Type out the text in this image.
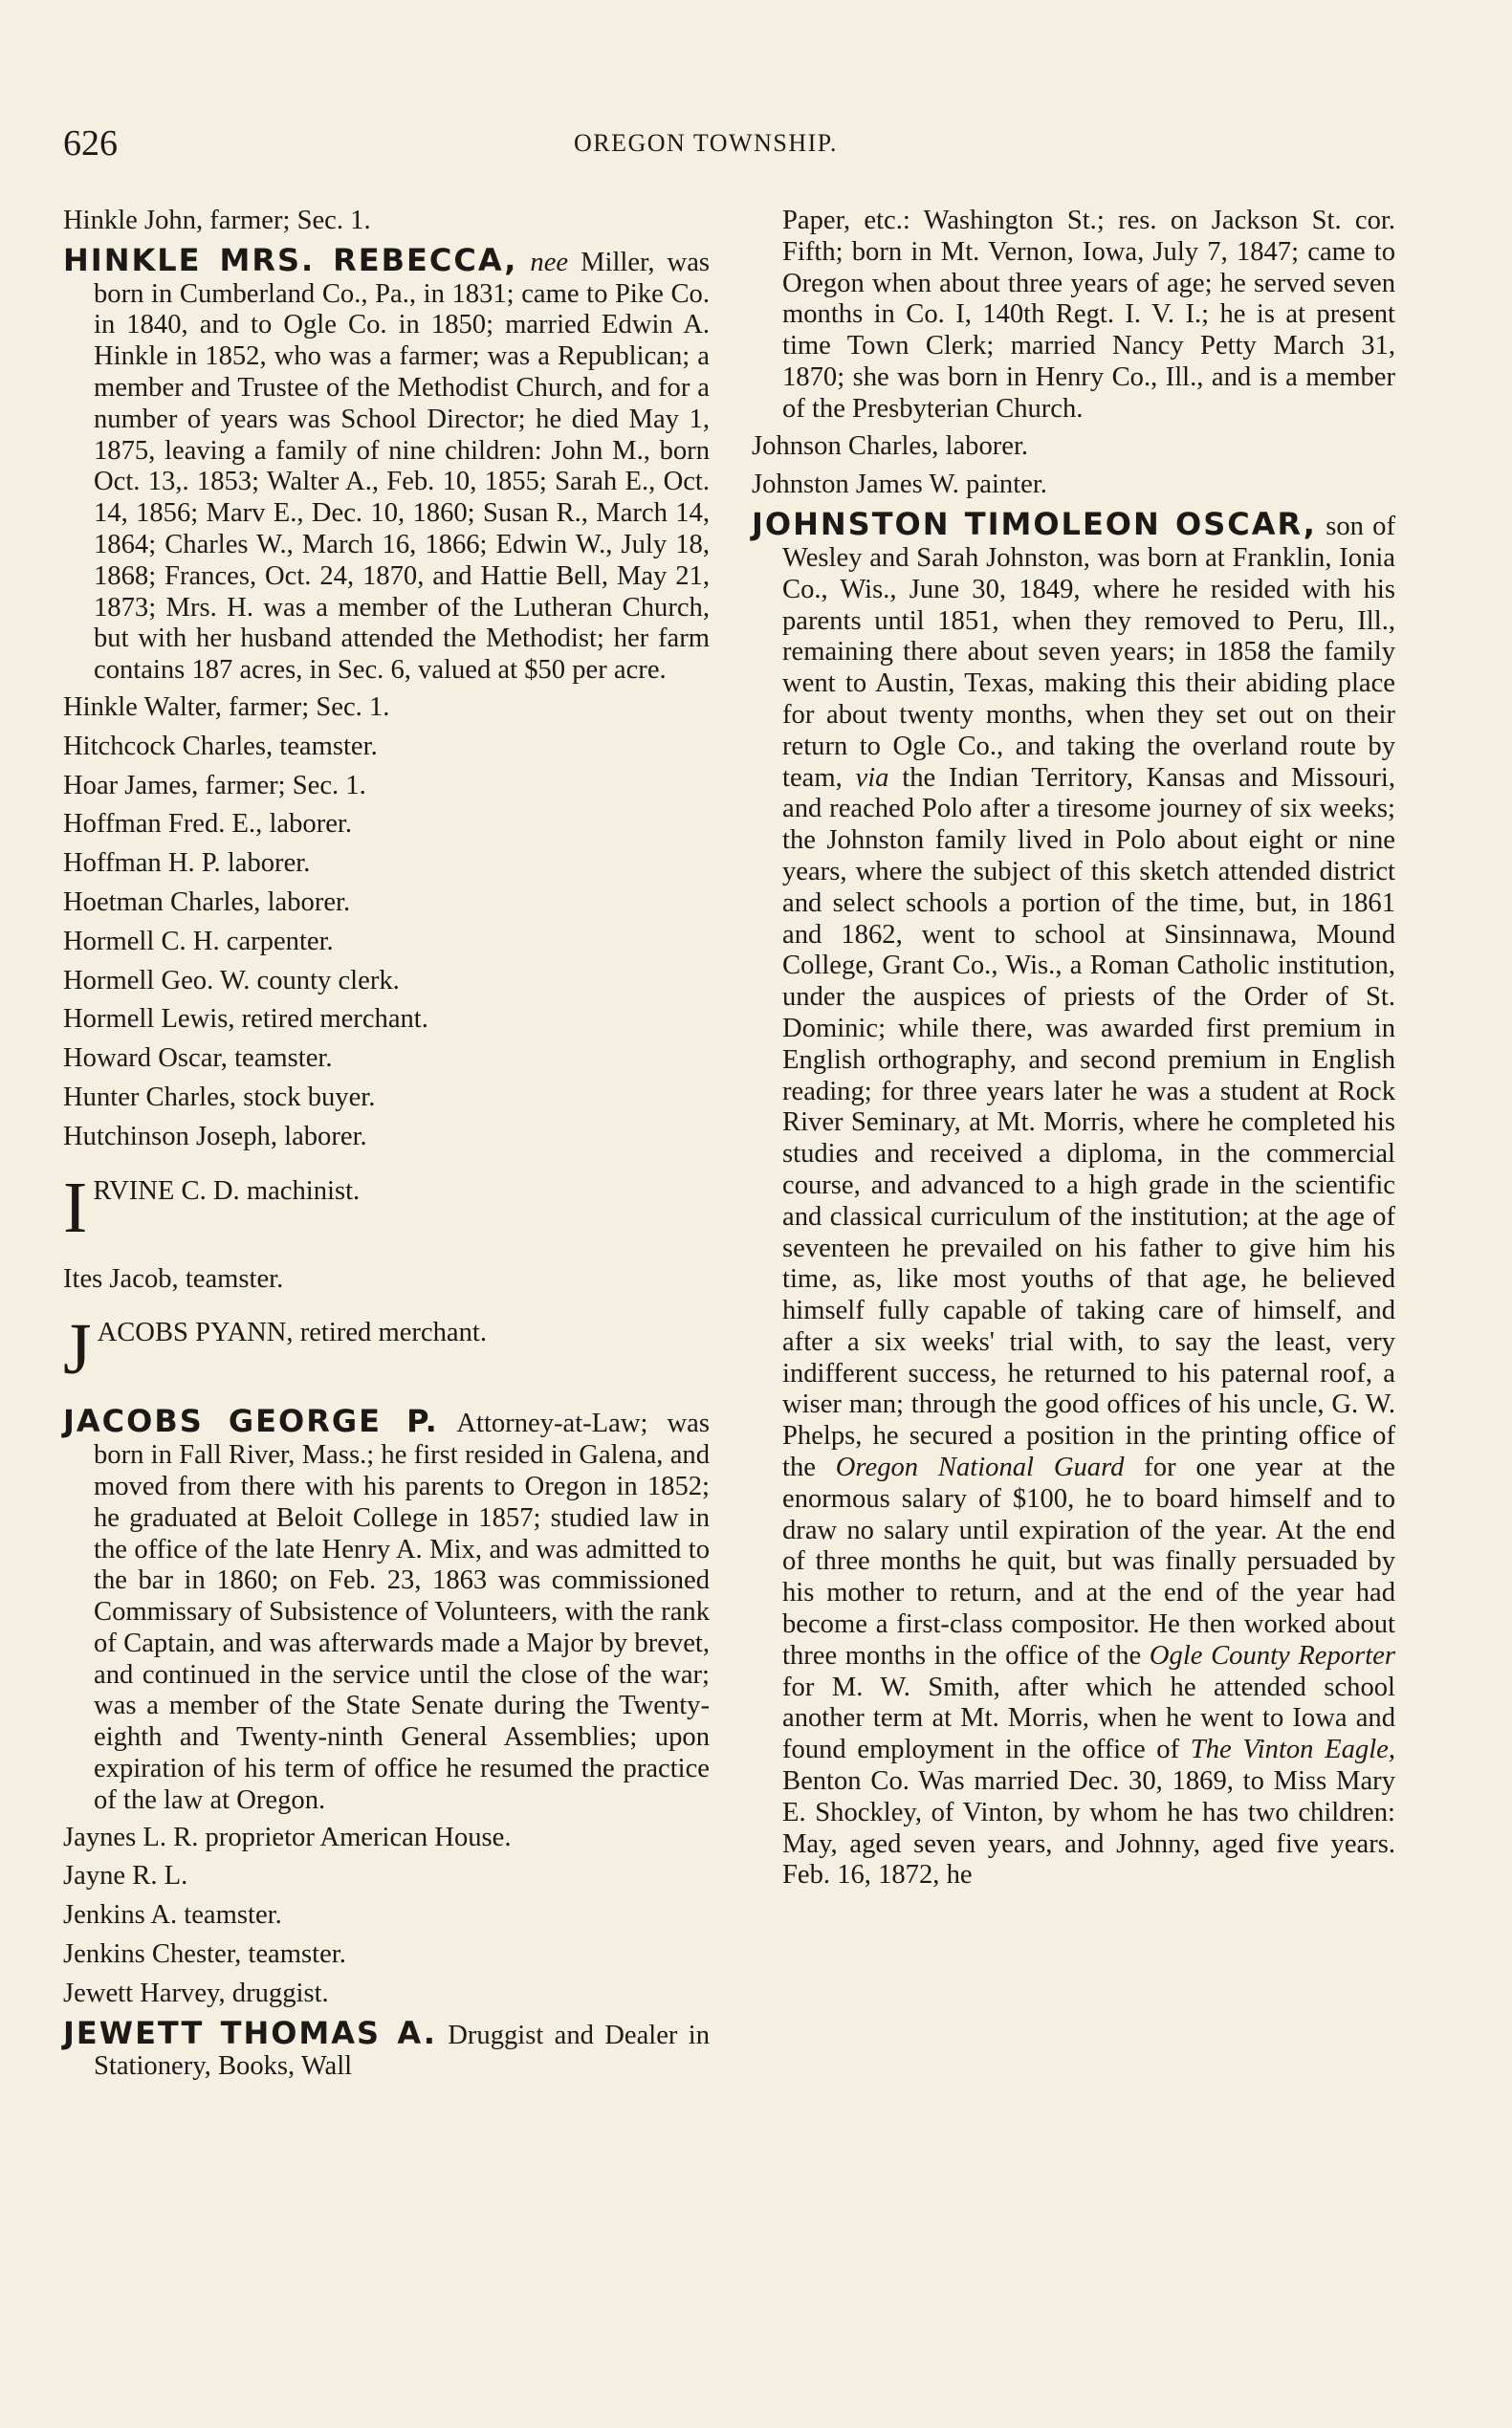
626	OREGON TOWNSHIP.
Hinkle John, farmer; Sec. 1.
HINKLE MRS. REBECCA, nee Miller, was born in Cumberland Co., Pa., in 1831; came to Pike Co. in 1840, and to Ogle Co. in 1850; married Edwin A. Hinkle in 1852, who was a farmer; was a Republican; a member and Trustee of the Methodist Church, and for a number of years was School Director; he died May 1, 1875, leaving a family of nine children: John M., born Oct. 13,. 1853; Walter A., Feb. 10, 1855; Sarah E., Oct. 14, 1856; Marv E., Dec. 10, 1860; Susan R., March 14, 1864; Charles W., March 16, 1866; Edwin W., July 18, 1868; Frances, Oct. 24, 1870, and Hattie Bell, May 21, 1873; Mrs. H. was a member of the Lutheran Church, but with her husband attended the Methodist; her farm contains 187 acres, in Sec. 6, valued at $50 per acre.
Hinkle Walter, farmer; Sec. 1.
Hitchcock Charles, teamster.
Hoar James, farmer; Sec. 1.
Hoffman Fred. E., laborer.
Hoffman H. P. laborer.
Hoetman Charles, laborer.
Hormell C. H. carpenter.
Hormell Geo. W. county clerk.
Hormell Lewis, retired merchant.
Howard Oscar, teamster.
Hunter Charles, stock buyer.
Hutchinson Joseph, laborer.
I RVINE C. D. machinist.
Ites Jacob, teamster.
J ACOBS PYANN, retired merchant.
JACOBS GEORGE P. Attorney-at-Law; was born in Fall River, Mass.; he first resided in Galena, and moved from there with his parents to Oregon in 1852; he graduated at Beloit College in 1857; studied law in the office of the late Henry A. Mix, and was admitted to the bar in 1860; on Feb. 23, 1863 was commissioned Commissary of Subsistence of Volunteers, with the rank of Captain, and was afterwards made a Major by brevet, and continued in the service until the close of the war; was a member of the State Senate during the Twenty-eighth and Twenty-ninth General Assemblies; upon expiration of his term of office he resumed the practice of the law at Oregon.
Jaynes L. R. proprietor American House.
Jayne R. L.
Jenkins A. teamster.
Jenkins Chester, teamster.
Jewett Harvey, druggist.
JEWETT THOMAS A. Druggist and Dealer in Stationery, Books, Wall
Paper, etc.: Washington St.; res. on Jackson St. cor. Fifth; born in Mt. Vernon, Iowa, July 7, 1847; came to Oregon when about three years of age; he served seven months in Co. I, 140th Regt. I. V. I.; he is at present time Town Clerk; married Nancy Petty March 31, 1870; she was born in Henry Co., Ill., and is a member of the Presbyterian Church.
Johnson Charles, laborer.
Johnston James W. painter.
JOHNSTON TIMOLEON OSCAR, son of Wesley and Sarah Johnston, was born at Franklin, Ionia Co., Wis., June 30, 1849, where he resided with his parents until 1851, when they removed to Peru, Ill., remaining there about seven years; in 1858 the family went to Austin, Texas, making this their abiding place for about twenty months, when they set out on their return to Ogle Co., and taking the overland route by team, via the Indian Territory, Kansas and Missouri, and reached Polo after a tiresome journey of six weeks; the Johnston family lived in Polo about eight or nine years, where the subject of this sketch attended district and select schools a portion of the time, but, in 1861 and 1862, went to school at Sinsinnawa, Mound College, Grant Co., Wis., a Roman Catholic institution, under the auspices of priests of the Order of St. Dominic; while there, was awarded first premium in English orthography, and second premium in English reading; for three years later he was a student at Rock River Seminary, at Mt. Morris, where he completed his studies and received a diploma, in the commercial course, and advanced to a high grade in the scientific and classical curriculum of the institution; at the age of seventeen he prevailed on his father to give him his time, as, like most youths of that age, he believed himself fully capable of taking care of himself, and after a six weeks' trial with, to say the least, very indifferent success, he returned to his paternal roof, a wiser man; through the good offices of his uncle, G. W. Phelps, he secured a position in the printing office of the Oregon National Guard for one year at the enormous salary of $100, he to board himself and to draw no salary until expiration of the year. At the end of three months he quit, but was finally persuaded by his mother to return, and at the end of the year had become a first-class compositor. He then worked about three months in the office of the Ogle County Reporter for M. W. Smith, after which he attended school another term at Mt. Morris, when he went to Iowa and found employment in the office of The Vinton Eagle, Benton Co. Was married Dec. 30, 1869, to Miss Mary E. Shockley, of Vinton, by whom he has two children: May, aged seven years, and Johnny, aged five years. Feb. 16, 1872, he
